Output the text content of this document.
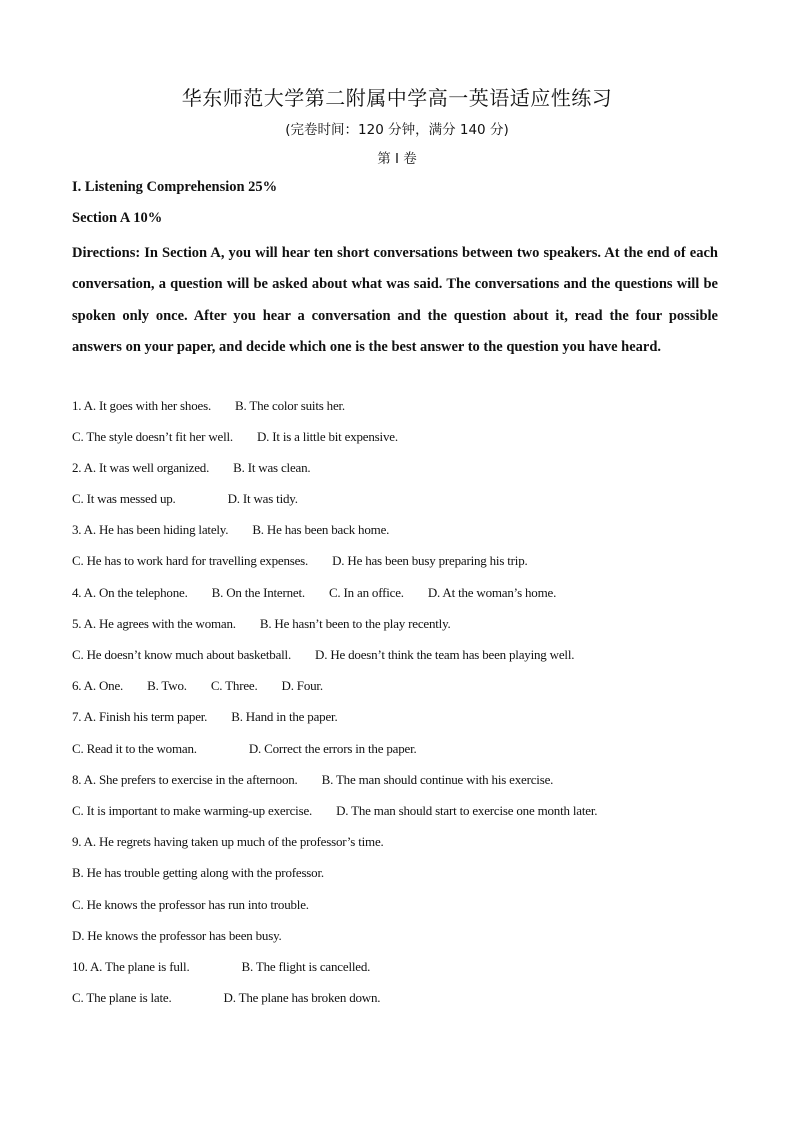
华东师范大学第二附属中学高一英语适应性练习
(完卷时间：120 分钟，满分 140 分)
第 I 卷
I. Listening Comprehension 25%
Section A 10%
Directions: In Section A, you will hear ten short conversations between two speakers. At the end of each conversation, a question will be asked about what was said. The conversations and the questions will be spoken only once. After you hear a conversation and the question about it, read the four possible answers on your paper, and decide which one is the best answer to the question you have heard.
1. A. It goes with her shoes. B. The color suits her.
C. The style doesn’t fit her well. D. It is a little bit expensive.
2. A. It was well organized. B. It was clean.
C. It was messed up.	D. It was tidy.
3. A. He has been hiding lately. B. He has been back home.
C. He has to work hard for travelling expenses. D. He has been busy preparing his trip.
4. A. On the telephone. B. On the Internet. C. In an office. D. At the woman’s home.
5. A. He agrees with the woman. B. He hasn’t been to the play recently.
C. He doesn’t know much about basketball. D. He doesn’t think the team has been playing well.
6. A. One. B. Two. C. Three. D. Four.
7. A. Finish his term paper. B. Hand in the paper.
C. Read it to the woman.	D. Correct the errors in the paper.
8. A. She prefers to exercise in the afternoon. B. The man should continue with his exercise.
C. It is important to make warming-up exercise. D. The man should start to exercise one month later.
9. A. He regrets having taken up much of the professor’s time.
B. He has trouble getting along with the professor.
C. He knows the professor has run into trouble.
D. He knows the professor has been busy.
10. A. The plane is full.	B. The flight is cancelled.
C. The plane is late.	D. The plane has broken down.
